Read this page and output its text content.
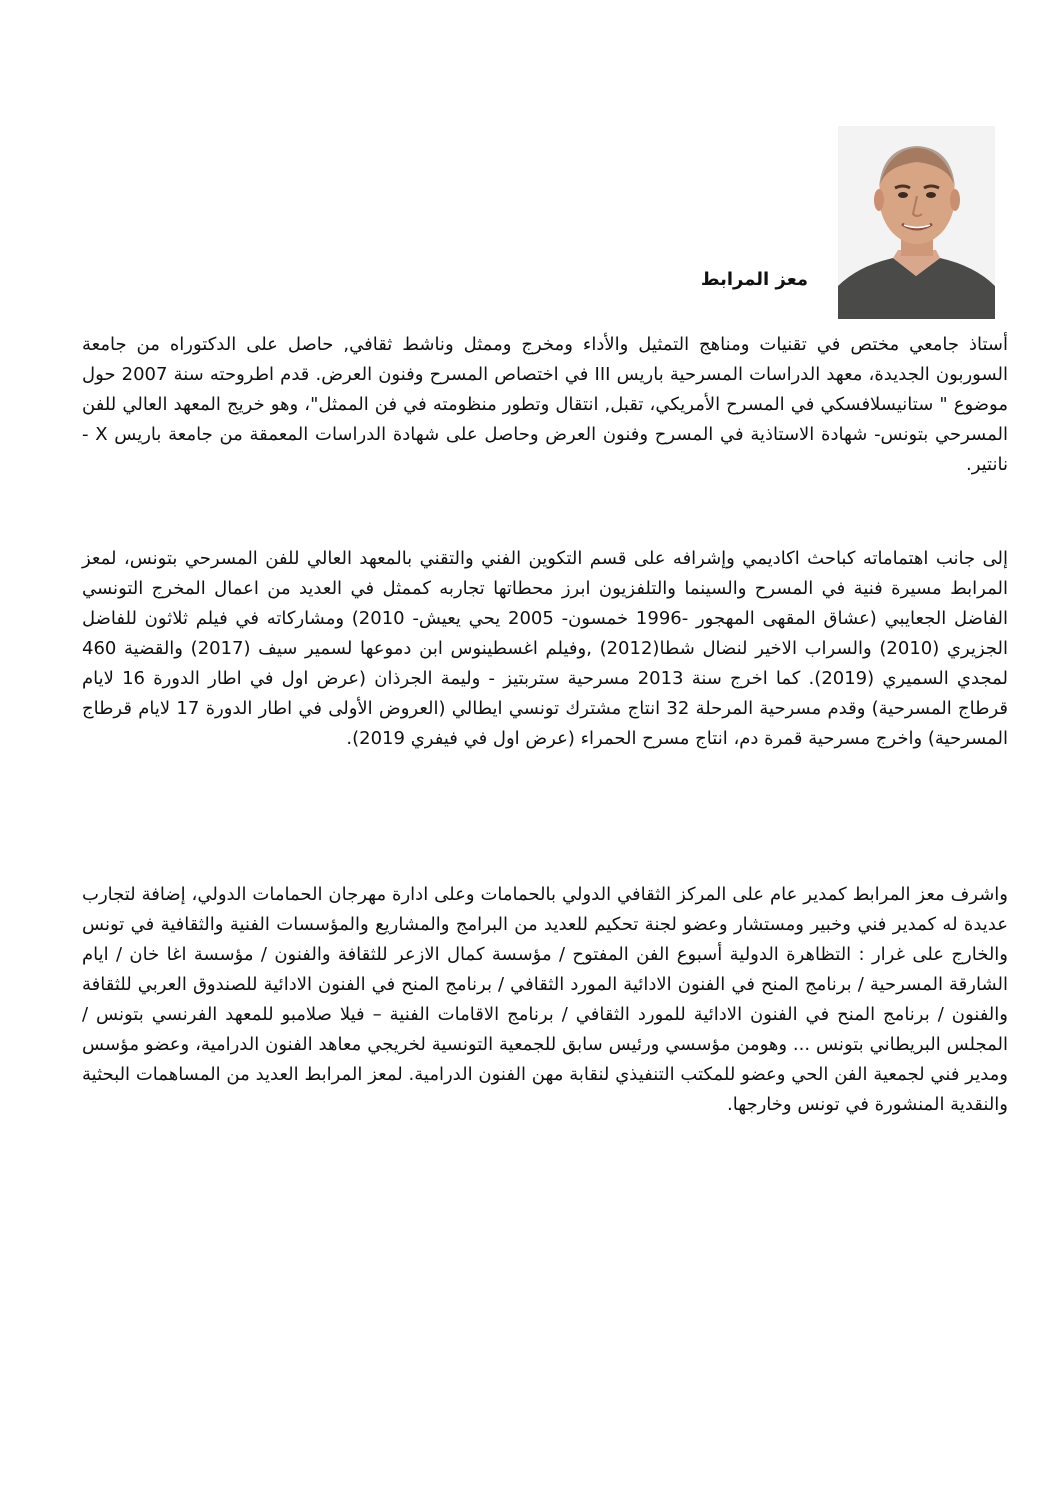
معز المرابط

أستاذ جامعي مختص في تقنيات ومناهج التمثيل والأداء ومخرج وممثل وناشط ثقافي, حاصل على الدكتوراه من جامعة السوربون الجديدة، معهد الدراسات المسرحية باريس III في اختصاص المسرح وفنون العرض. قدم اطروحته سنة 2007 حول موضوع " ستانيسلافسكي في المسرح الأمريكي، تقبل, انتقال وتطور منظومته في فن الممثل"، وهو خريج المعهد العالي للفن المسرحي بتونس- شهادة الاستاذية في المسرح وفنون العرض وحاصل على شهادة الدراسات المعمقة من جامعة باريس X - نانتير.

إلى جانب اهتماماته كباحث اكاديمي وإشرافه على قسم التكوين الفني والتقني بالمعهد العالي للفن المسرحي بتونس، لمعز المرابط مسيرة فنية في المسرح والسينما والتلفزيون ابرز محطاتها تجاربه كممثل في العديد من اعمال المخرج التونسي الفاضل الجعايبي (عشاق المقهى المهجور -1996 خمسون- 2005 يحي يعيش- 2010) ومشاركاته في فيلم ثلاثون للفاضل الجزيري (2010) والسراب الاخير لنضال شطا(2012) ,وفيلم اغسطينوس ابن دموعها لسمير سيف (2017) والقضية 460 لمجدي السميري (2019). كما اخرج سنة 2013 مسرحية ستربتيز - وليمة الجرذان (عرض اول في اطار الدورة 16 لايام قرطاج المسرحية) وقدم مسرحية المرحلة 32 انتاج مشترك تونسي ايطالي (العروض الأولى في اطار الدورة 17 لايام قرطاج المسرحية) واخرج مسرحية قمرة دم، انتاج مسرح الحمراء (عرض اول في فيفري 2019).

واشرف معز المرابط كمدير عام على المركز الثقافي الدولي بالحمامات وعلى ادارة مهرجان الحمامات الدولي، إضافة لتجارب عديدة له كمدير فني وخبير ومستشار وعضو لجنة تحكيم للعديد من البرامج والمشاريع والمؤسسات الفنية والثقافية في تونس والخارج على غرار : التظاهرة الدولية أسبوع الفن المفتوح / مؤسسة كمال الازعر للثقافة والفنون / مؤسسة اغا خان / ايام الشارقة المسرحية / برنامج المنح في الفنون الادائية المورد الثقافي / برنامج المنح في الفنون الادائية للصندوق العربي للثقافة والفنون / برنامج المنح في الفنون الادائية للمورد الثقافي / برنامج الاقامات الفنية – فيلا صلامبو للمعهد الفرنسي بتونس / المجلس البريطاني بتونس ... وهومن مؤسسي ورئيس سابق للجمعية التونسية لخريجي معاهد الفنون الدرامية، وعضو مؤسس ومدير فني لجمعية الفن الحي وعضو للمكتب التنفيذي لنقابة مهن الفنون الدرامية. لمعز المرابط العديد من المساهمات البحثية والنقدية المنشورة في تونس وخارجها.
